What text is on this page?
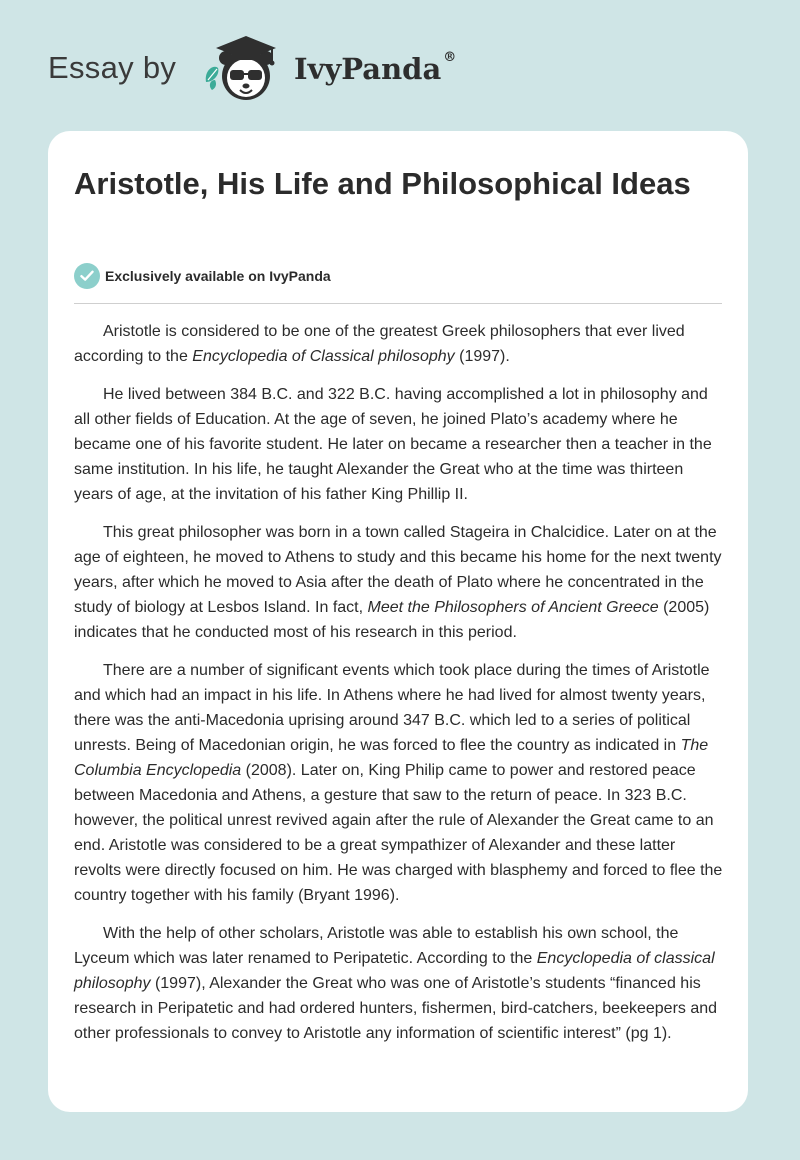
Essay by	IvyPanda ®
Aristotle, His Life and Philosophical Ideas
Exclusively available on IvyPanda

Aristotle is considered to be one of the greatest Greek philosophers that ever lived according to the Encyclopedia of Classical philosophy (1997).

He lived between 384 B.C. and 322 B.C. having accomplished a lot in philosophy and all other fields of Education. At the age of seven, he joined Plato’s academy where he became one of his favorite student. He later on became a researcher then a teacher in the same institution. In his life, he taught Alexander the Great who at the time was thirteen years of age, at the invitation of his father King Phillip II.

This great philosopher was born in a town called Stageira in Chalcidice. Later on at the age of eighteen, he moved to Athens to study and this became his home for the next twenty years, after which he moved to Asia after the death of Plato where he concentrated in the study of biology at Lesbos Island. In fact, Meet the Philosophers of Ancient Greece (2005) indicates that he conducted most of his research in this period.

There are a number of significant events which took place during the times of Aristotle and which had an impact in his life. In Athens where he had lived for almost twenty years, there was the anti-Macedonia uprising around 347 B.C. which led to a series of political unrests. Being of Macedonian origin, he was forced to flee the country as indicated in The Columbia Encyclopedia (2008). Later on, King Philip came to power and restored peace between Macedonia and Athens, a gesture that saw to the return of peace. In 323 B.C. however, the political unrest revived again after the rule of Alexander the Great came to an end. Aristotle was considered to be a great sympathizer of Alexander and these latter revolts were directly focused on him. He was charged with blasphemy and forced to flee the country together with his family (Bryant 1996).

With the help of other scholars, Aristotle was able to establish his own school, the Lyceum which was later renamed to Peripatetic. According to the Encyclopedia of classical philosophy (1997), Alexander the Great who was one of Aristotle’s students “financed his research in Peripatetic and had ordered hunters, fishermen, bird-catchers, beekeepers and other professionals to convey to Aristotle any information of scientific interest” (pg 1).
